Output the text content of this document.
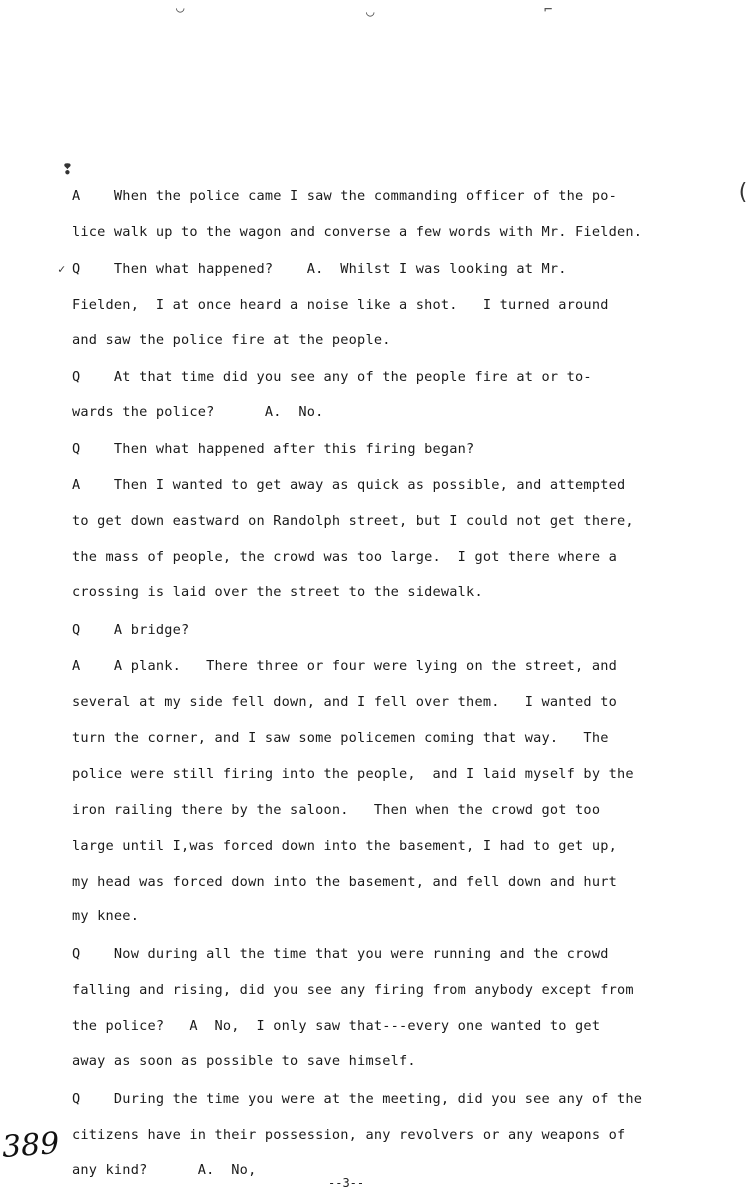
◡	◡	⌐
❢
(
✓
A    When the police came I saw the commanding officer of the po-
lice walk up to the wagon and converse a few words with Mr. Fielden.
Q    Then what happened?    A.  Whilst I was looking at Mr.
Fielden,  I at once heard a noise like a shot.   I turned around
and saw the police fire at the people.
Q    At that time did you see any of the people fire at or to-
wards the police?      A.  No.
Q    Then what happened after this firing began?
A    Then I wanted to get away as quick as possible, and attempted
to get down eastward on Randolph street, but I could not get there,
the mass of people, the crowd was too large.  I got there where a
crossing is laid over the street to the sidewalk.
Q    A bridge?
A    A plank.   There three or four were lying on the street, and
several at my side fell down, and I fell over them.   I wanted to
turn the corner, and I saw some policemen coming that way.   The
police were still firing into the people,  and I laid myself by the
iron railing there by the saloon.   Then when the crowd got too
large until I,was forced down into the basement, I had to get up,
my head was forced down into the basement, and fell down and hurt
my knee.
Q    Now during all the time that you were running and the crowd
falling and rising, did you see any firing from anybody except from
the police?   A  No,  I only saw that---every one wanted to get
away as soon as possible to save himself.
Q    During the time you were at the meeting, did you see any of the
citizens have in their possession, any revolvers or any weapons of
any kind?      A.  No,
389
--3--
